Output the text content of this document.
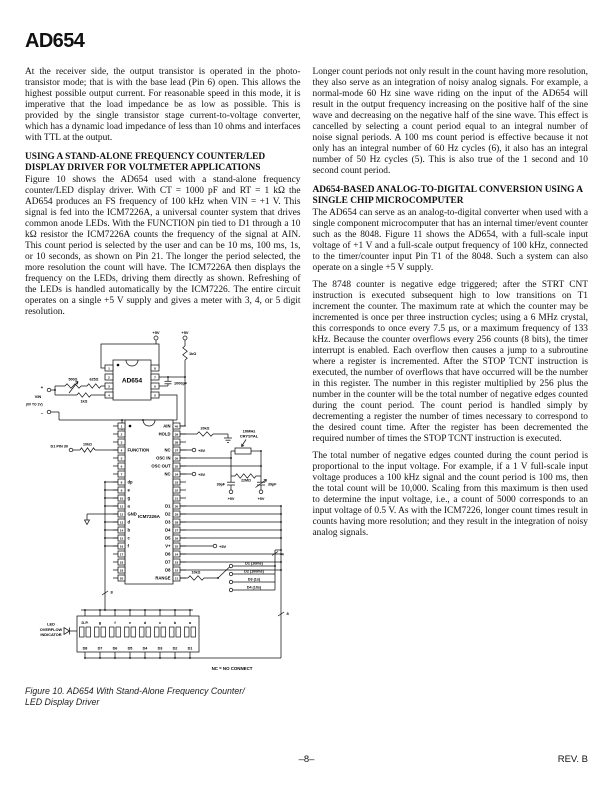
AD654

At the receiver side, the output transistor is operated in the photo-transistor mode; that is with the base lead (Pin 6) open. This allows the highest possible output current. For reasonable speed in this mode, it is imperative that the load impedance be as low as possible. This is provided by the single transistor stage current-to-voltage converter, which has a dynamic load impedance of less than 10 ohms and interfaces with TTL at the output.

USING A STAND-ALONE FREQUENCY COUNTER/LED DISPLAY DRIVER FOR VOLTMETER APPLICATIONS

Figure 10 shows the AD654 used with a stand-alone frequency counter/LED display driver. With CT = 1000 pF and RT = 1 kΩ the AD654 produces an FS frequency of 100 kHz when VIN = +1 V. This signal is fed into the ICM7226A, a universal counter system that drives common anode LEDs. With the FUNCTION pin tied to D1 through a 10 kΩ resistor the ICM7226A counts the frequency of the signal at AIN. This count period is selected by the user and can be 10 ms, 100 ms, 1s, or 10 seconds, as shown on Pin 21. The longer the period selected, the more resolution the count will have. The ICM7226A then displays the frequency on the LEDs, driving them directly as shown. Refreshing of the LEDs is handled automatically by the ICM7226. The entire circuit operates on a single +5 V supply and gives a meter with 3, 4, or 5 digit resolution.

AD654
+5V	+5V
1kΩ
1000pF
500Ω	625Ω
1kΩ
+
VIN
(0V TO 1V)
–
ICM7226A
D1 PIN 30	10kΩ
20kΩ
+5V
+5V
+5V
10MHz
CRYSTAL
22MΩ
39pF	39pF
+5V	+5V
10kΩ
D1 (10ms)
D2 (100ms)
D3 (1s)
D4 (10s)
4
8
8
LED
OVERFLOW
INDICATOR
NC = NO CONNECT
1
2
3
4 FUNCTION
5
6
7
8 dp
9 e
10 g
11 a
12 GND
13 d
14 b
15 c
16 f
17
18
19
20
40
AIN
39
HOLD
38
37
NC
36
OSC IN
35
OSC OUT
34
NC
33
32
31
30
D1
29
D2
28
D3
27
D4
26
D5
25
V+
24
D6
23
D7
22
D8
21
RANGE
1	8
2	7
3	6
4	5
D.P.
D8
g
D7
f
D6
e
D5
d
D4
c
D3
b
D2
a
D1
Figure 10. AD654 With Stand-Alone Frequency Counter/
LED Display Driver

Longer count periods not only result in the count having more resolution, they also serve as an integration of noisy analog signals. For example, a normal-mode 60 Hz sine wave riding on the input of the AD654 will result in the output frequency increasing on the positive half of the sine wave and decreasing on the negative half of the sine wave. This effect is cancelled by selecting a count period equal to an integral number of noise signal periods. A 100 ms count period is effective because it not only has an integral number of 60 Hz cycles (6), it also has an integral number of 50 Hz cycles (5). This is also true of the 1 second and 10 second count period.

AD654-BASED ANALOG-TO-DIGITAL CONVERSION USING A SINGLE CHIP MICROCOMPUTER

The AD654 can serve as an analog-to-digital converter when used with a single component microcomputer that has an internal timer/event counter such as the 8048. Figure 11 shows the AD654, with a full-scale input voltage of +1 V and a full-scale output frequency of 100 kHz, connected to the timer/counter input Pin T1 of the 8048. Such a system can also operate on a single +5 V supply.

The 8748 counter is negative edge triggered; after the STRT CNT instruction is executed subsequent high to low transitions on T1 increment the counter. The maximum rate at which the counter may be incremented is once per three instruction cycles; using a 6 MHz crystal, this corresponds to once every 7.5 μs, or a maximum frequency of 133 kHz. Because the counter overflows every 256 counts (8 bits), the timer interrupt is enabled. Each overflow then causes a jump to a subroutine where a register is incremented. After the STOP TCNT instruction is executed, the number of overflows that have occurred will be the number in this register. The number in this register multiplied by 256 plus the number in the counter will be the total number of negative edges counted during the count period. The count period is handled simply by decrementing a register the number of times necessary to correspond to the desired count time. After the register has been decremented the required number of times the STOP TCNT instruction is executed.

The total number of negative edges counted during the count period is proportional to the input voltage. For example, if a 1 V full-scale input voltage produces a 100 kHz signal and the count period is 100 ms, then the total count will be 10,000. Scaling from this maximum is then used to determine the input voltage, i.e., a count of 5000 corresponds to an input voltage of 0.5 V. As with the ICM7226, longer count times result in counts having more resolution; and they result in the integration of noisy analog signals.

–8–	REV. B
